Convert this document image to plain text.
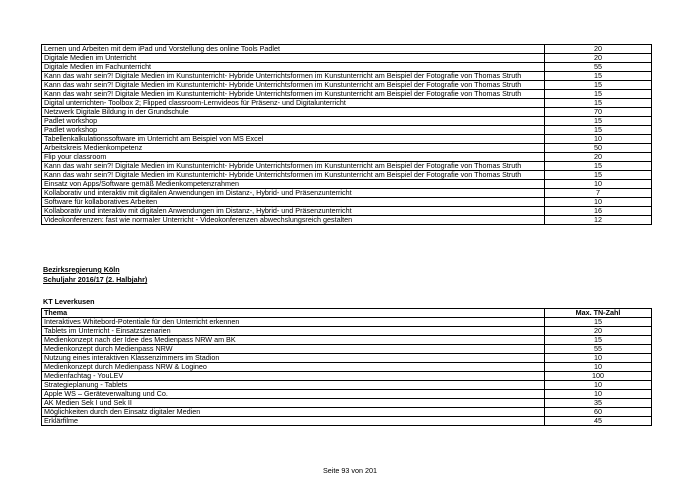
Lernen und Arbeiten mit dem iPad und Vorstellung des online Tools Padlet	20
Digitale Medien im Unterricht	20
Digitale Medien im Fachunterricht	55
Kann das wahr sein?! Digitale Medien im Kunstunterricht- Hybride Unterrichtsformen im Kunstunterricht am Beispiel der Fotografie von Thomas Struth	15
Kann das wahr sein?! Digitale Medien im Kunstunterricht- Hybride Unterrichtsformen im Kunstunterricht am Beispiel der Fotografie von Thomas Struth	15
Kann das wahr sein?! Digitale Medien im Kunstunterricht- Hybride Unterrichtsformen im Kunstunterricht am Beispiel der Fotografie von Thomas Struth	15
Digital unterrichten- Toolbox 2; Flipped classroom-Lernvideos für Präsenz- und Digitalunterricht	15
Netzwerk Digitale Bildung in der Grundschule	70
Padlet workshop	15
Padlet workshop	15
Tabellenkalkulationssoftware im Unterricht am Beispiel von MS Excel	10
Arbeitskreis Medienkompetenz	50
Flip your classroom	20
Kann das wahr sein?! Digitale Medien im Kunstunterricht- Hybride Unterrichtsformen im Kunstunterricht am Beispiel der Fotografie von Thomas Struth	15
Kann das wahr sein?! Digitale Medien im Kunstunterricht- Hybride Unterrichtsformen im Kunstunterricht am Beispiel der Fotografie von Thomas Struth	15
Einsatz von Apps/Software gemäß Medienkompetenzrahmen	10
Kollaborativ und interaktiv mit digitalen Anwendungen im Distanz-, Hybrid- und Präsenzunterricht	7
Software für kollaboratives Arbeiten	10
Kollaborativ und interaktiv mit digitalen Anwendungen im Distanz-, Hybrid- und Präsenzunterricht	16
Videokonferenzen: fast wie normaler Unterricht - Videokonferenzen abwechslungsreich gestalten	12
Bezirksregierung Köln
Schuljahr 2016/17 (2. Halbjahr)
KT Leverkusen
Thema	Max. TN-Zahl
Interaktives Whitebord-Potentiale für den Unterricht erkennen	15
Tablets im Unterricht - Einsatzszenarien	20
Medienkonzept nach der Idee des Medienpass NRW am BK	15
Medienkonzept durch Medienpass NRW	55
Nutzung eines interaktiven Klassenzimmers im Stadion	10
Medienkonzept durch Medienpass NRW & Logineo	10
Medienfachtag - YouLEV	100
Strategieplanung - Tablets	10
Apple WS – Geräteverwaltung und Co.	10
AK Medien Sek I und Sek II	35
Möglichkeiten durch den Einsatz digitaler Medien	60
Erklärfilme	45
Seite 93 von 201
